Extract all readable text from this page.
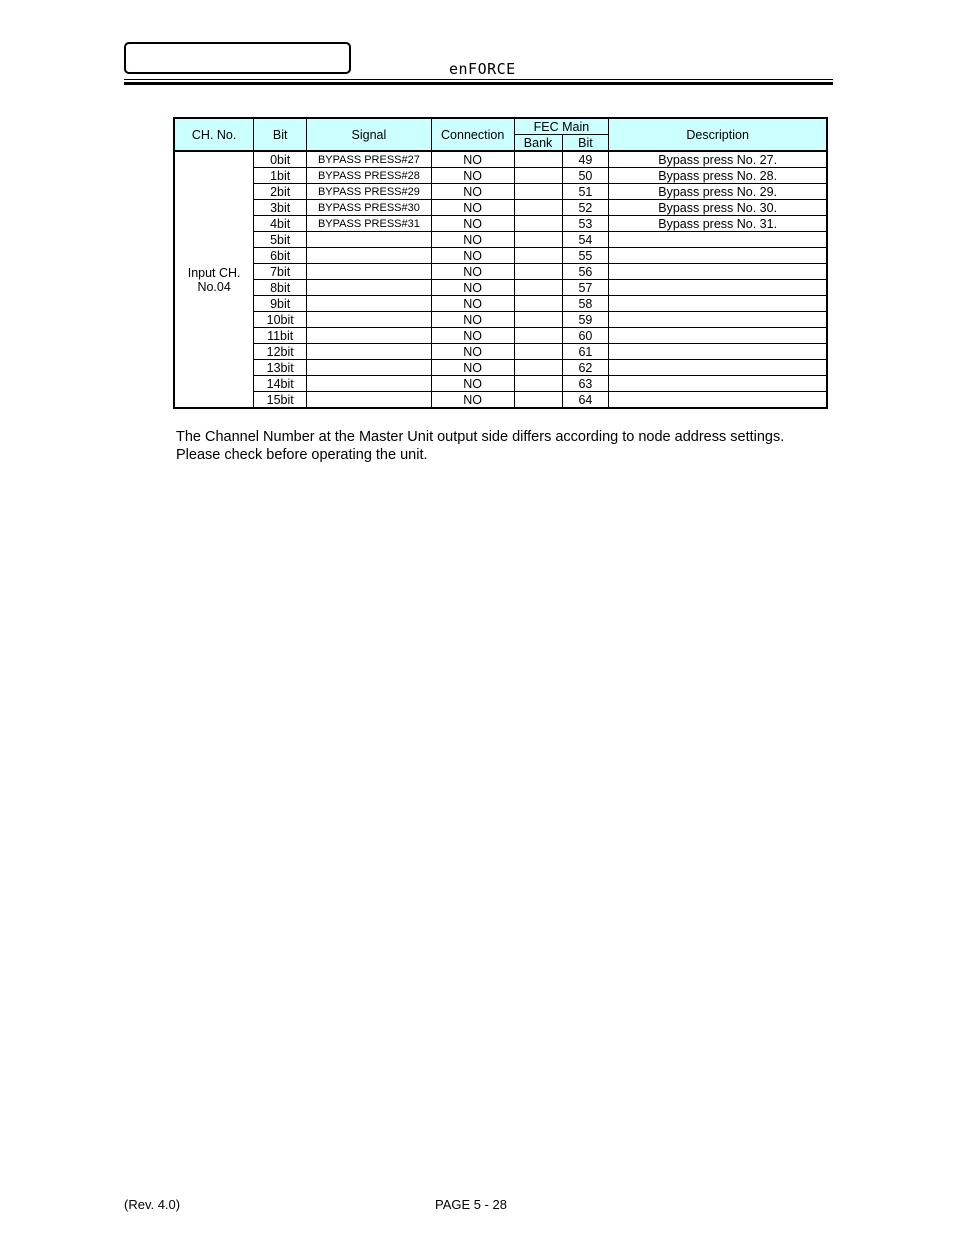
enFORCE
CH. No.	Bit	Signal	Connection	FEC Main		Description
				Bank	Bit	

Input CH.
No.04	0bit	BYPASS PRESS#27	NO		49	Bypass press No. 27.
	1bit	BYPASS PRESS#28	NO		50	Bypass press No. 28.
	2bit	BYPASS PRESS#29	NO		51	Bypass press No. 29.
	3bit	BYPASS PRESS#30	NO		52	Bypass press No. 30.
	4bit	BYPASS PRESS#31	NO		53	Bypass press No. 31.
	5bit		NO		54	
	6bit		NO		55	
	7bit		NO		56	
	8bit		NO		57	
	9bit		NO		58	
	10bit		NO		59	
	11bit		NO		60	
	12bit		NO		61	
	13bit		NO		62	
	14bit		NO		63	
	15bit		NO		64	
The Channel Number at the Master Unit output side differs according to node address settings.
Please check before operating the unit.
(Rev. 4.0)	PAGE 5 - 28
